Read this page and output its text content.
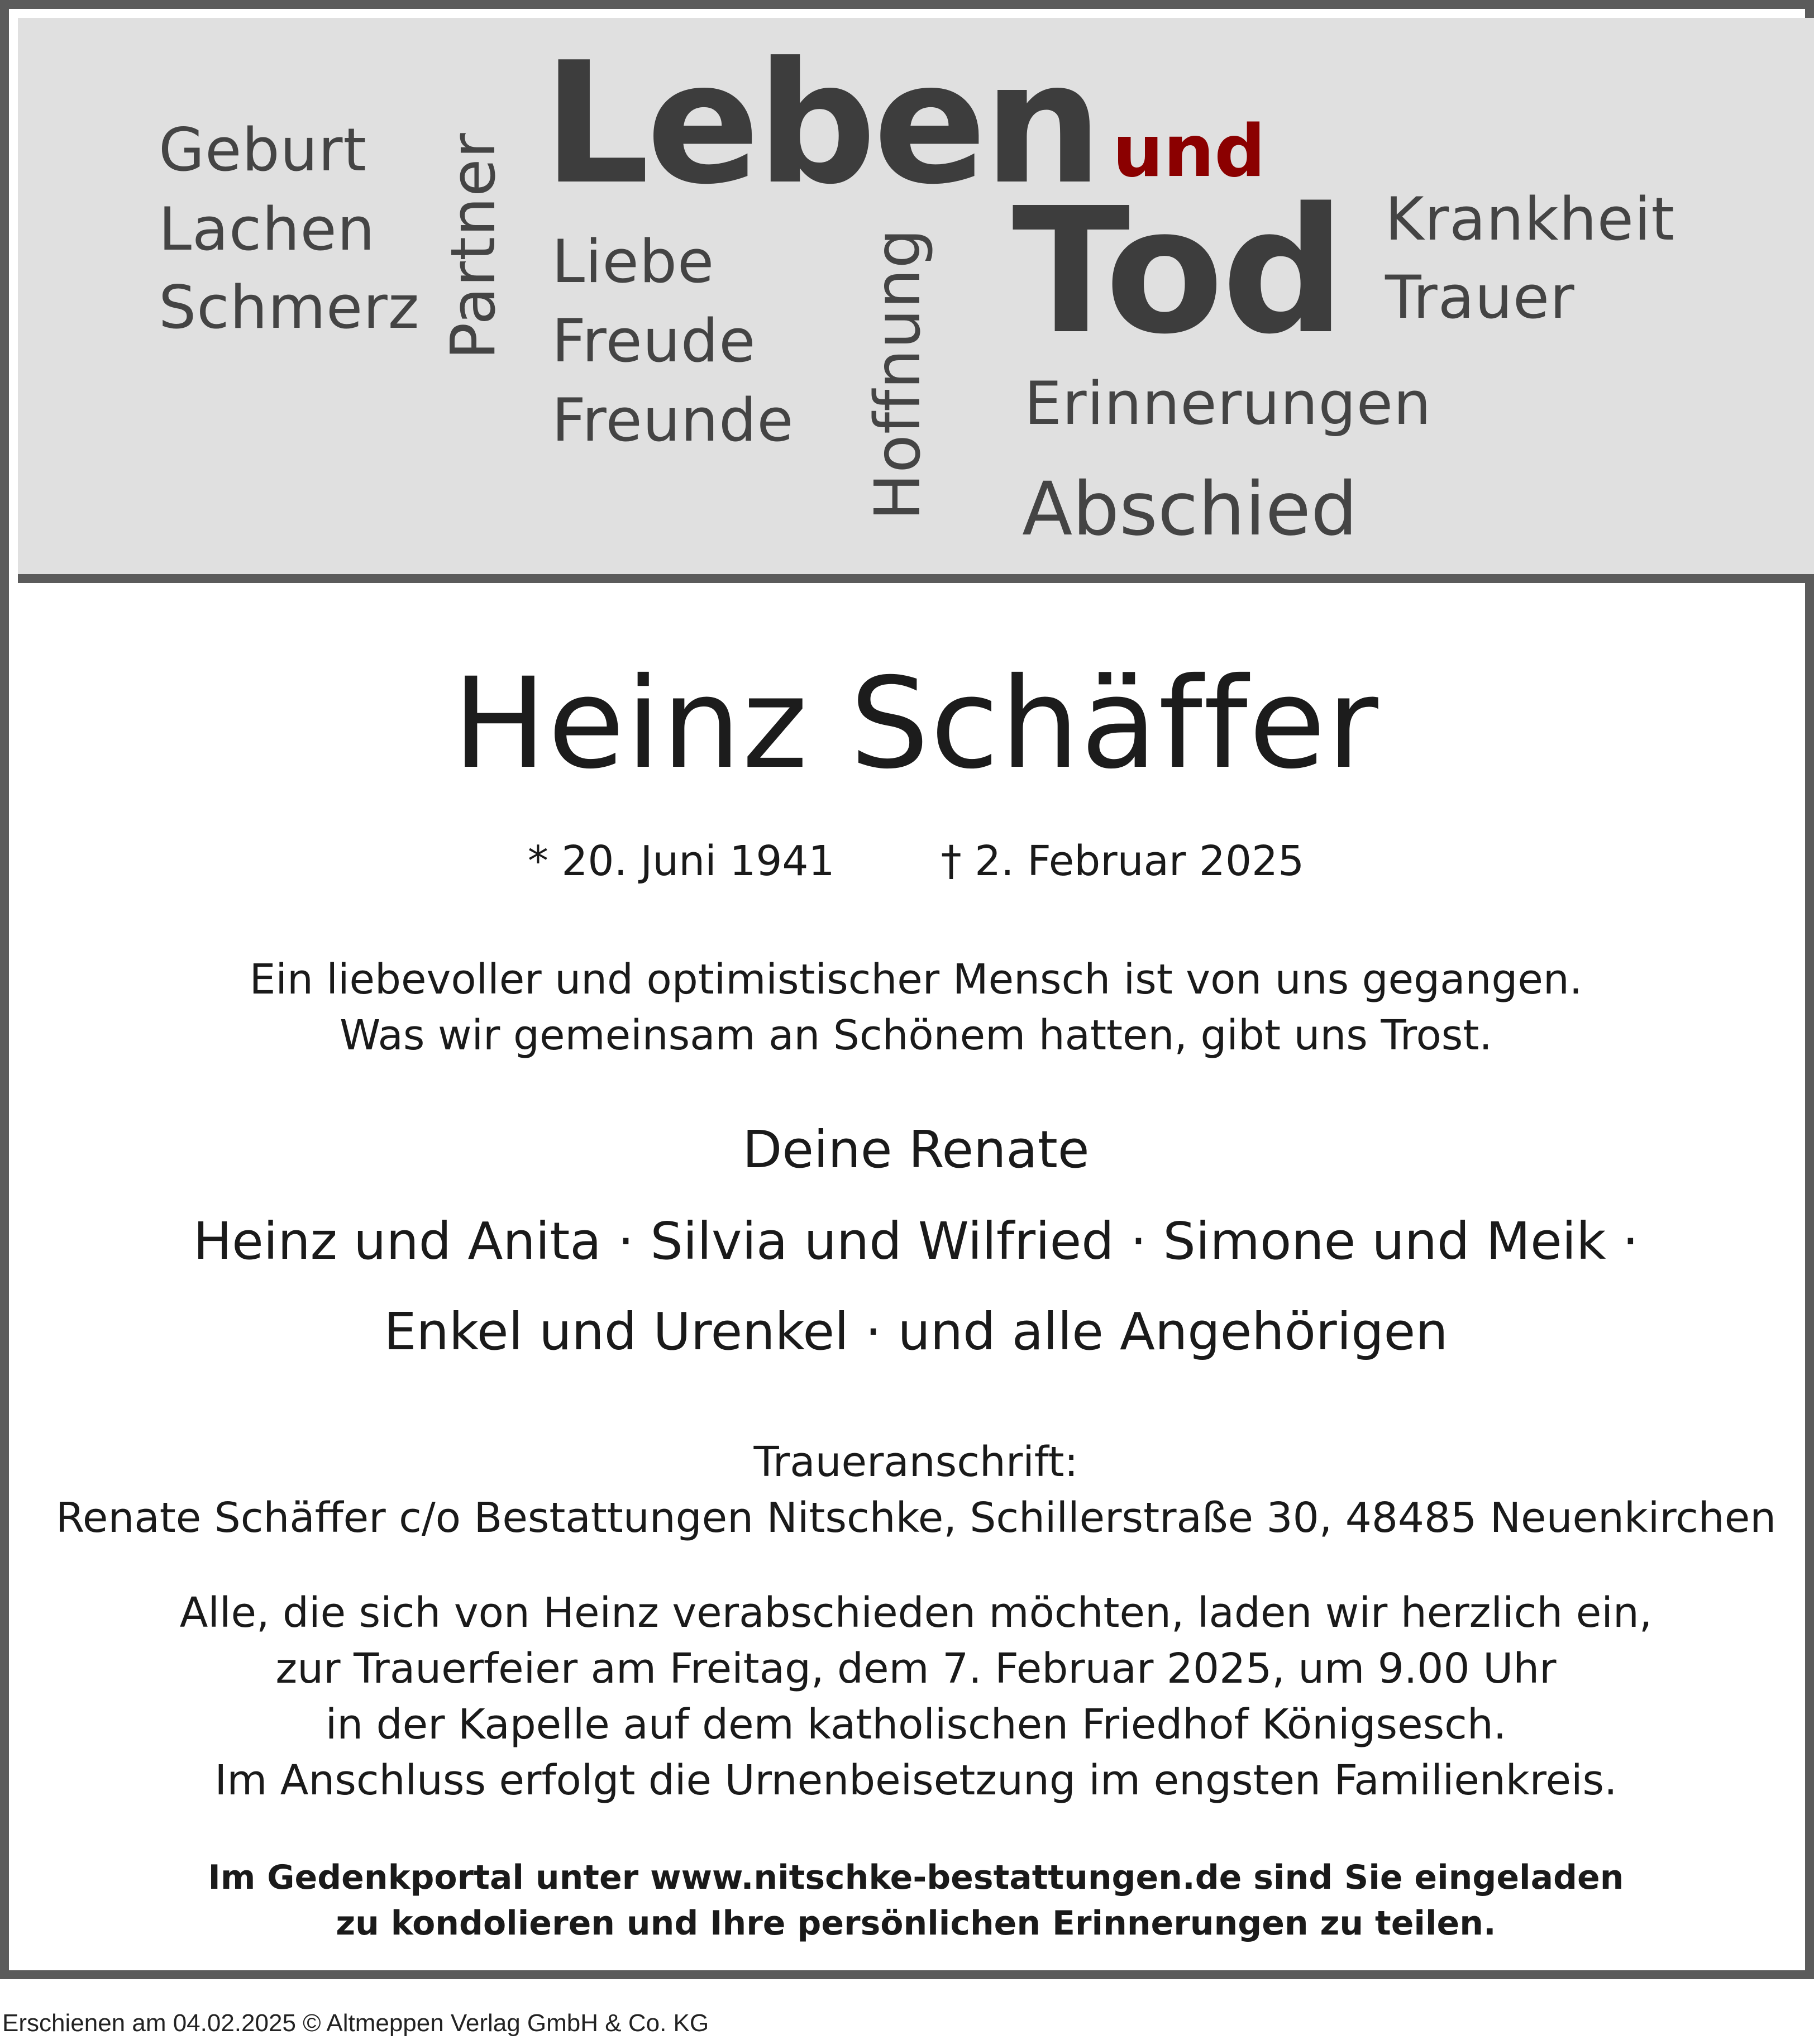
Geburt
Lachen
Schmerz Partner
Leben
Liebe
Freude
Freunde Hoffnung
und
Tod
Erinnerungen
Abschied
Krankheit
Trauer
Heinz Schäffer
* 20. Juni 1941	† 2. Februar 2025
Ein liebevoller und optimistischer Mensch ist von uns gegangen.
Was wir gemeinsam an Schönem hatten, gibt uns Trost.
Deine Renate
Heinz und Anita · Silvia und Wilfried · Simone und Meik ·
Enkel und Urenkel · und alle Angehörigen
Traueranschrift:
Renate Schäffer c/o Bestattungen Nitschke, Schillerstraße 30, 48485 Neuenkirchen
Alle, die sich von Heinz verabschieden möchten, laden wir herzlich ein,
zur Trauerfeier am Freitag, dem 7. Februar 2025, um 9.00 Uhr
in der Kapelle auf dem katholischen Friedhof Königsesch.
Im Anschluss erfolgt die Urnenbeisetzung im engsten Familienkreis.
Im Gedenkportal unter www.nitschke-bestattungen.de sind Sie eingeladen
zu kondolieren und Ihre persönlichen Erinnerungen zu teilen.
Erschienen am 04.02.2025 © Altmeppen Verlag GmbH & Co. KG
